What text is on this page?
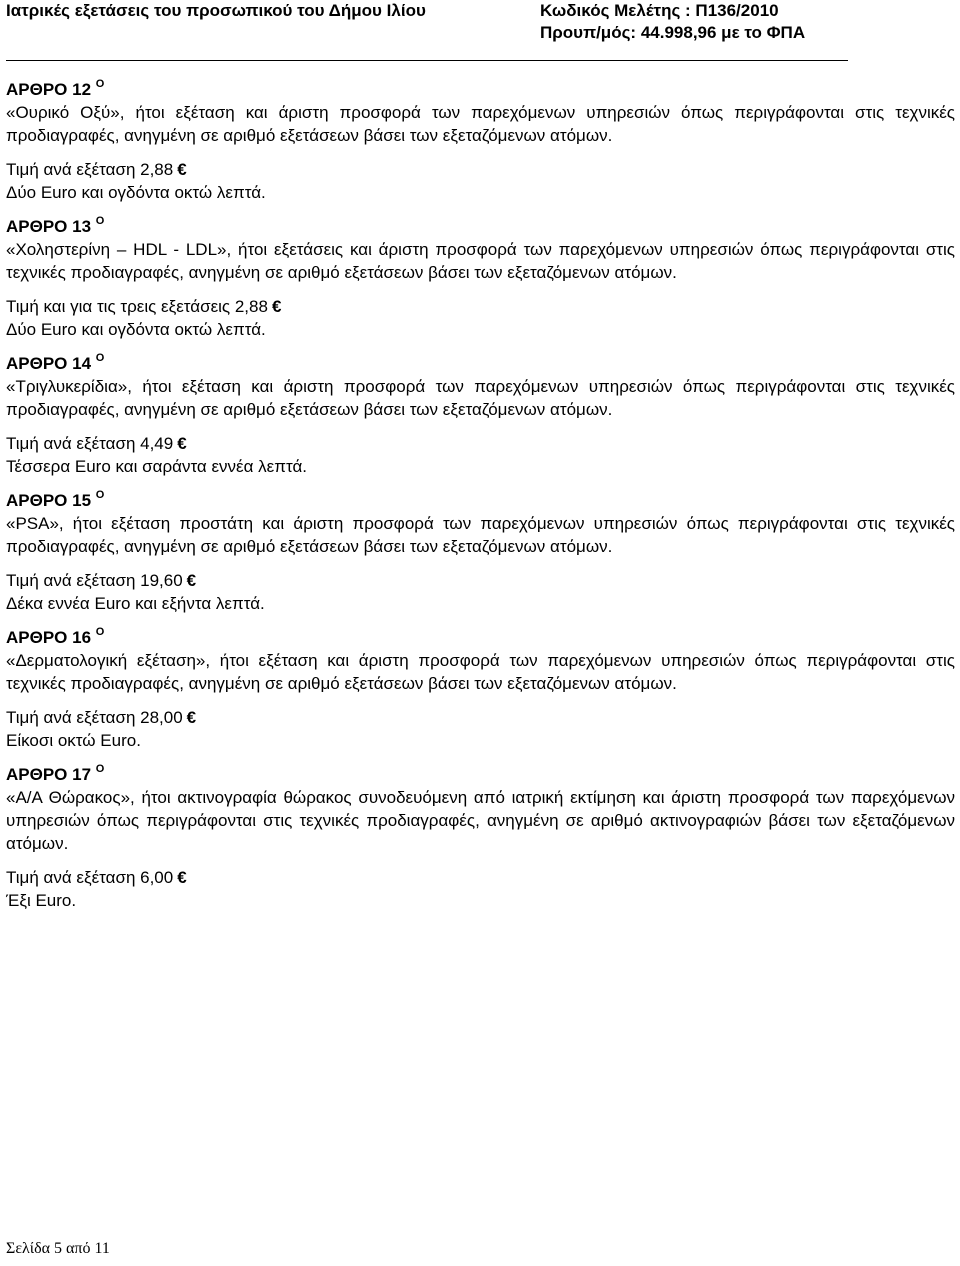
Ιατρικές εξετάσεις του προσωπικού του Δήμου Ιλίου	Κωδικός Μελέτης : Π136/2010
Προυπ/μός: 44.998,96 με το ΦΠΑ
ΑΡΘΡΟ 12 $^O$
«Ουρικό Οξύ», ήτοι εξέταση και άριστη προσφορά των παρεχόμενων υπηρεσιών όπως περιγράφονται στις τεχνικές προδιαγραφές, ανηγμένη σε αριθμό εξετάσεων βάσει των εξεταζόμενων ατόμων.
Τιμή ανά εξέταση 2,88 €
Δύο Euro και ογδόντα οκτώ λεπτά.
ΑΡΘΡΟ 13 $^O$
«Χοληστερίνη – HDL - LDL», ήτοι εξετάσεις και άριστη προσφορά των παρεχόμενων υπηρεσιών όπως περιγράφονται στις τεχνικές προδιαγραφές, ανηγμένη σε αριθμό εξετάσεων βάσει των εξεταζόμενων ατόμων.
Τιμή και για τις τρεις εξετάσεις 2,88 €
Δύο Euro και ογδόντα οκτώ λεπτά.
ΑΡΘΡΟ 14 $^O$
«Τριγλυκερίδια», ήτοι εξέταση και άριστη προσφορά των παρεχόμενων υπηρεσιών όπως περιγράφονται στις τεχνικές προδιαγραφές, ανηγμένη σε αριθμό εξετάσεων βάσει των εξεταζόμενων ατόμων.
Τιμή ανά εξέταση 4,49 €
Τέσσερα Euro και σαράντα εννέα λεπτά.
ΑΡΘΡΟ 15 $^O$
«PSA», ήτοι εξέταση προστάτη και άριστη προσφορά των παρεχόμενων υπηρεσιών όπως περιγράφονται στις τεχνικές προδιαγραφές, ανηγμένη σε αριθμό εξετάσεων βάσει των εξεταζόμενων ατόμων.
Τιμή ανά εξέταση 19,60 €
Δέκα εννέα Euro και εξήντα λεπτά.
ΑΡΘΡΟ 16 $^O$
«Δερματολογική εξέταση», ήτοι εξέταση και άριστη προσφορά των παρεχόμενων υπηρεσιών όπως περιγράφονται στις τεχνικές προδιαγραφές, ανηγμένη σε αριθμό εξετάσεων βάσει των εξεταζόμενων ατόμων.
Τιμή ανά εξέταση 28,00 €
Είκοσι οκτώ Euro.
ΑΡΘΡΟ 17 $^O$
«Α/Α Θώρακος», ήτοι ακτινογραφία θώρακος συνοδευόμενη από ιατρική εκτίμηση και άριστη προσφορά των παρεχόμενων υπηρεσιών όπως περιγράφονται στις τεχνικές προδιαγραφές, ανηγμένη σε αριθμό ακτινογραφιών βάσει των εξεταζόμενων ατόμων.
Τιμή ανά εξέταση 6,00 €
Έξι Euro.
Σελίδα 5 από 11
